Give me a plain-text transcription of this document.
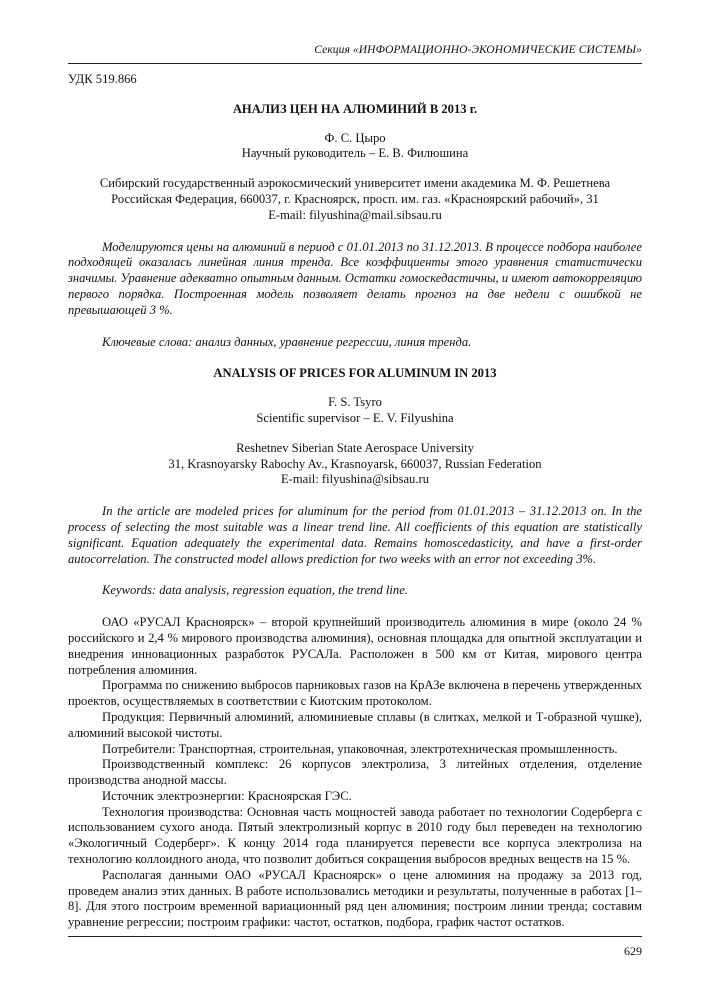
Секция «ИНФОРМАЦИОННО-ЭКОНОМИЧЕСКИЕ СИСТЕМЫ»

УДК 519.866

АНАЛИЗ ЦЕН НА АЛЮМИНИЙ В 2013 г.

Ф. С. Цыро

Научный руководитель – Е. В. Филюшина

Сибирский государственный аэрокосмический университет имени академика М. Ф. Решетнева

Российская Федерация, 660037, г. Красноярск, просп. им. газ. «Красноярский рабочий», 31

E-mail: filyushina@mail.sibsau.ru

Моделируются цены на алюминий в период с 01.01.2013 по 31.12.2013. В процессе подбора наиболее подходящей оказалась линейная линия тренда. Все коэффициенты этого уравнения статистически значимы. Уравнение адекватно опытным данным. Остатки гомоскедастичны, и имеют автокорреляцию первого порядка. Построенная модель позволяет делать прогноз на две недели с ошибкой не превышающей 3 %.

Ключевые слова: анализ данных, уравнение регрессии, линия тренда.

ANALYSIS OF PRICES FOR ALUMINUM IN 2013

F. S. Tsyro

Scientific supervisor – E. V. Filyushina

Reshetnev Siberian State Aerospace University

31, Krasnoyarsky Rabochy Av., Krasnoyarsk, 660037, Russian Federation

E-mail: filyushina@sibsau.ru

In the article are modeled prices for aluminum for the period from 01.01.2013 – 31.12.2013 on. In the process of selecting the most suitable was a linear trend line. All coefficients of this equation are statistically significant. Equation adequately the experimental data. Remains homoscedasticity, and have a first-order autocorrelation. The constructed model allows prediction for two weeks with an error not exceeding 3%.

Keywords: data analysis, regression equation, the trend line.

ОАО «РУСАЛ Красноярск» – второй крупнейший производитель алюминия в мире (около 24 % российского и 2,4 % мирового производства алюминия), основная площадка для опытной эксплуатации и внедрения инновационных разработок РУСАЛа. Расположен в 500 км от Китая, мирового центра потребления алюминия.

Программа по снижению выбросов парниковых газов на КрАЗе включена в перечень утвержденных проектов, осуществляемых в соответствии с Киотским протоколом.

Продукция: Первичный алюминий, алюминиевые сплавы (в слитках, мелкой и Т-образной чушке), алюминий высокой чистоты.

Потребители: Транспортная, строительная, упаковочная, электротехническая промышленность.

Производственный комплекс: 26 корпусов электролиза, 3 литейных отделения, отделение производства анодной массы.

Источник электроэнергии: Красноярская ГЭС.

Технология производства: Основная часть мощностей завода работает по технологии Содерберга с использованием сухого анода. Пятый электролизный корпус в 2010 году был переведен на технологию «Экологичный Содерберг». К концу 2014 года планируется перевести все корпуса электролиза на технологию коллоидного анода, что позволит добиться сокращения выбросов вредных веществ на 15 %.

Располагая данными ОАО «РУСАЛ Красноярск» о цене алюминия на продажу за 2013 год, проведем анализ этих данных. В работе использовались методики и результаты, полученные в работах [1–8]. Для этого построим временной вариационный ряд цен алюминия; построим линии тренда; составим уравнение регрессии; построим графики: частот, остатков, подбора, график частот остатков.

629
